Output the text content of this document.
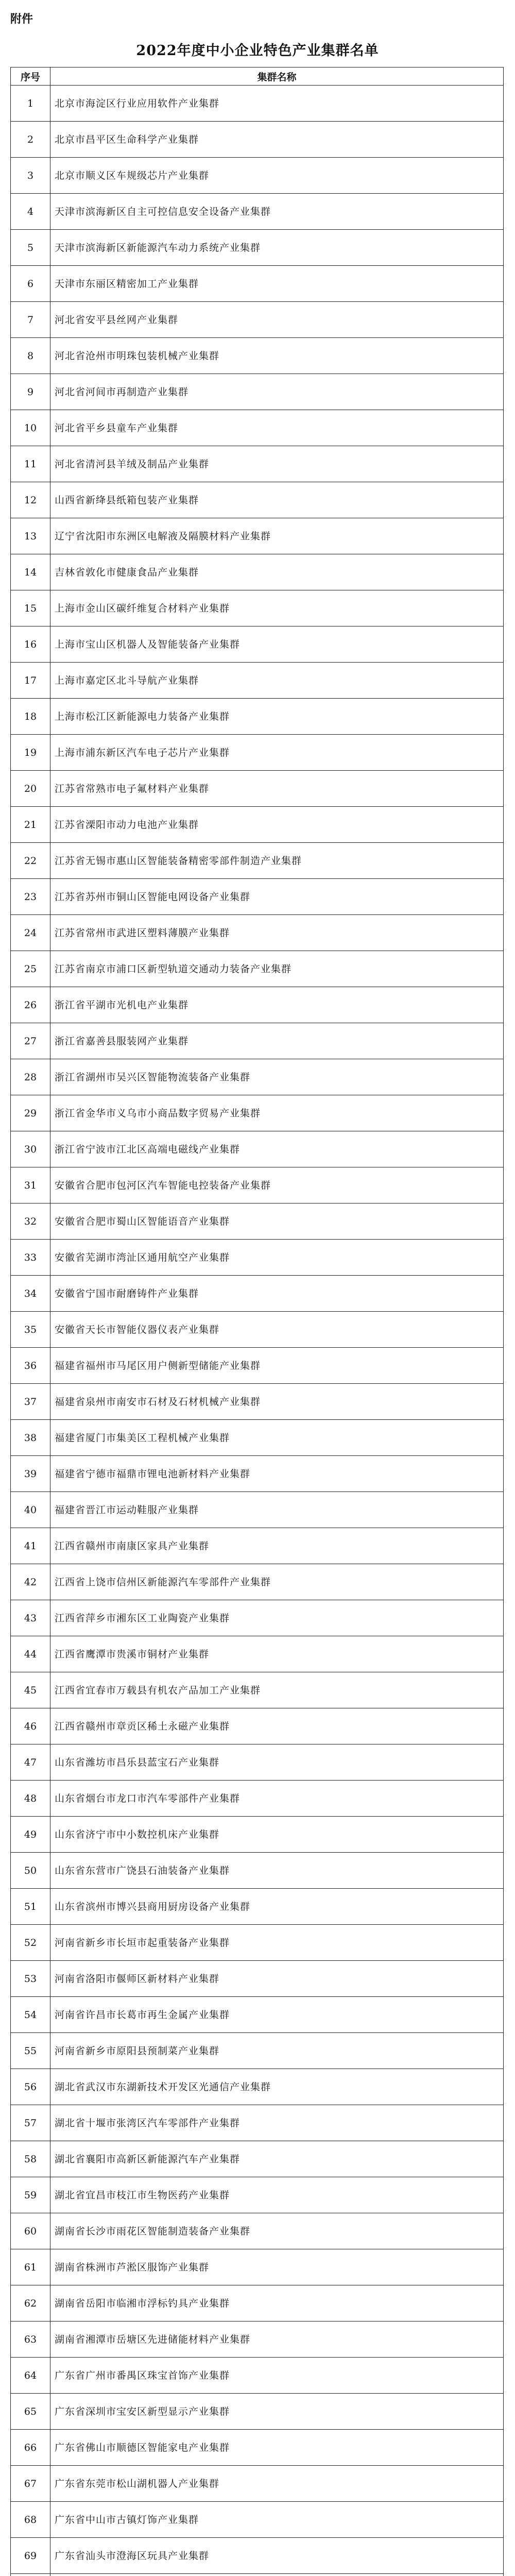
附件
2022年度中小企业特色产业集群名单
序号	集群名称
1	北京市海淀区行业应用软件产业集群
2	北京市昌平区生命科学产业集群
3	北京市顺义区车规级芯片产业集群
4	天津市滨海新区自主可控信息安全设备产业集群
5	天津市滨海新区新能源汽车动力系统产业集群
6	天津市东丽区精密加工产业集群
7	河北省安平县丝网产业集群
8	河北省沧州市明珠包装机械产业集群
9	河北省河间市再制造产业集群
10	河北省平乡县童车产业集群
11	河北省清河县羊绒及制品产业集群
12	山西省新绛县纸箱包装产业集群
13	辽宁省沈阳市东洲区电解液及隔膜材料产业集群
14	吉林省敦化市健康食品产业集群
15	上海市金山区碳纤维复合材料产业集群
16	上海市宝山区机器人及智能装备产业集群
17	上海市嘉定区北斗导航产业集群
18	上海市松江区新能源电力装备产业集群
19	上海市浦东新区汽车电子芯片产业集群
20	江苏省常熟市电子氟材料产业集群
21	江苏省溧阳市动力电池产业集群
22	江苏省无锡市惠山区智能装备精密零部件制造产业集群
23	江苏省苏州市铜山区智能电网设备产业集群
24	江苏省常州市武进区塑料薄膜产业集群
25	江苏省南京市浦口区新型轨道交通动力装备产业集群
26	浙江省平湖市光机电产业集群
27	浙江省嘉善县服装网产业集群
28	浙江省湖州市吴兴区智能物流装备产业集群
29	浙江省金华市义乌市小商品数字贸易产业集群
30	浙江省宁波市江北区高端电磁线产业集群
31	安徽省合肥市包河区汽车智能电控装备产业集群
32	安徽省合肥市蜀山区智能语音产业集群
33	安徽省芜湖市湾沚区通用航空产业集群
34	安徽省宁国市耐磨铸件产业集群
35	安徽省天长市智能仪器仪表产业集群
36	福建省福州市马尾区用户侧新型储能产业集群
37	福建省泉州市南安市石材及石材机械产业集群
38	福建省厦门市集美区工程机械产业集群
39	福建省宁德市福鼎市锂电池新材料产业集群
40	福建省晋江市运动鞋服产业集群
41	江西省赣州市南康区家具产业集群
42	江西省上饶市信州区新能源汽车零部件产业集群
43	江西省萍乡市湘东区工业陶瓷产业集群
44	江西省鹰潭市贵溪市铜材产业集群
45	江西省宜春市万载县有机农产品加工产业集群
46	江西省赣州市章贡区稀土永磁产业集群
47	山东省潍坊市昌乐县蓝宝石产业集群
48	山东省烟台市龙口市汽车零部件产业集群
49	山东省济宁市中小数控机床产业集群
50	山东省东营市广饶县石油装备产业集群
51	山东省滨州市博兴县商用厨房设备产业集群
52	河南省新乡市长垣市起重装备产业集群
53	河南省洛阳市偃师区新材料产业集群
54	河南省许昌市长葛市再生金属产业集群
55	河南省新乡市原阳县预制菜产业集群
56	湖北省武汉市东湖新技术开发区光通信产业集群
57	湖北省十堰市张湾区汽车零部件产业集群
58	湖北省襄阳市高新区新能源汽车产业集群
59	湖北省宜昌市枝江市生物医药产业集群
60	湖南省长沙市雨花区智能制造装备产业集群
61	湖南省株洲市芦淞区服饰产业集群
62	湖南省岳阳市临湘市浮标钓具产业集群
63	湖南省湘潭市岳塘区先进储能材料产业集群
64	广东省广州市番禺区珠宝首饰产业集群
65	广东省深圳市宝安区新型显示产业集群
66	广东省佛山市顺德区智能家电产业集群
67	广东省东莞市松山湖机器人产业集群
68	广东省中山市古镇灯饰产业集群
69	广东省汕头市澄海区玩具产业集群
